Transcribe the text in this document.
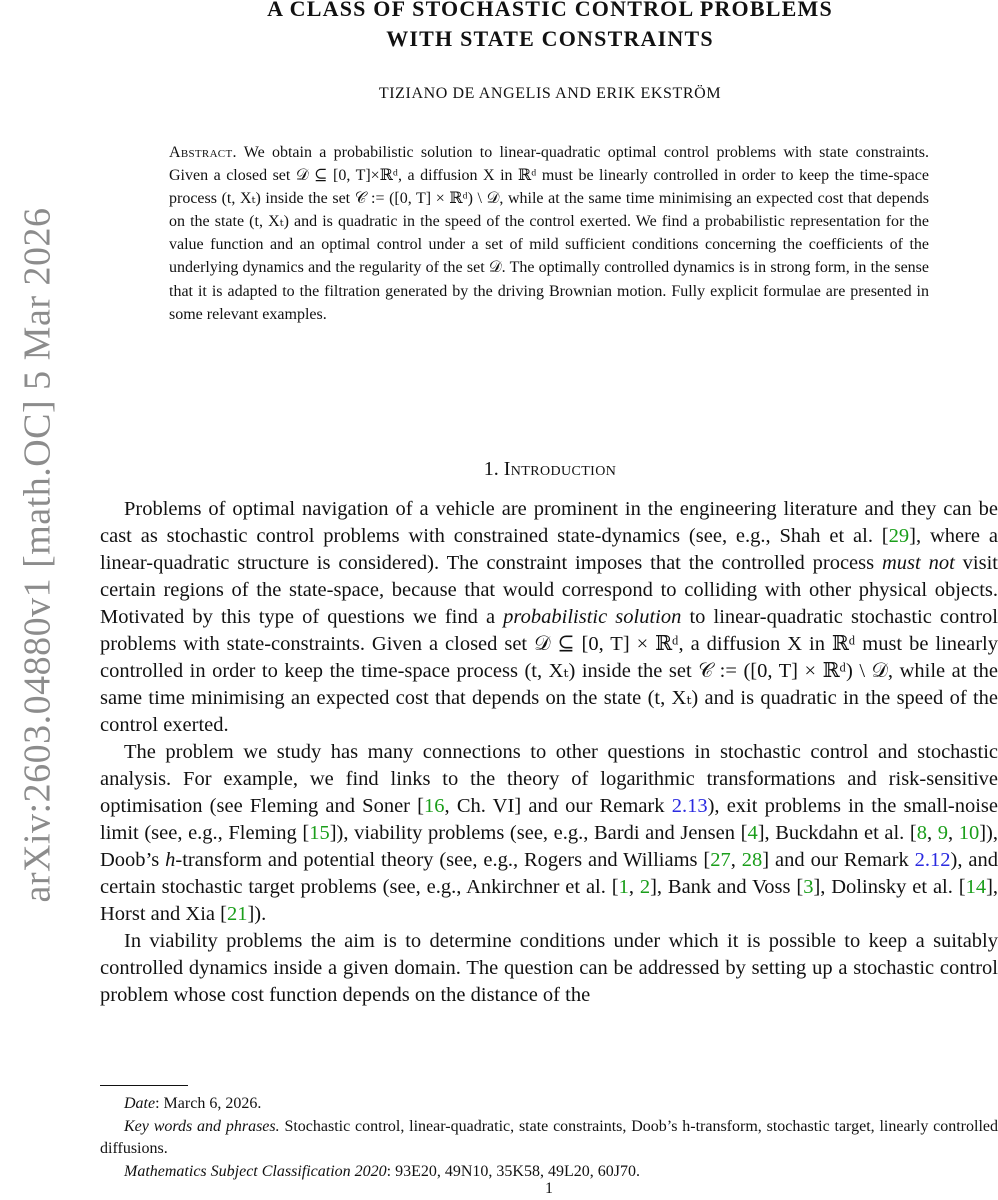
arXiv:2603.04880v1 [math.OC] 5 Mar 2026
A CLASS OF STOCHASTIC CONTROL PROBLEMS
WITH STATE CONSTRAINTS
TIZIANO DE ANGELIS AND ERIK EKSTRÖM
Abstract. We obtain a probabilistic solution to linear-quadratic optimal control problems with state constraints. Given a closed set 𝒟 ⊆ [0, T]×ℝᵈ, a diffusion X in ℝᵈ must be linearly controlled in order to keep the time-space process (t, Xₜ) inside the set 𝒞 := ([0, T] × ℝᵈ) \ 𝒟, while at the same time minimising an expected cost that depends on the state (t, Xₜ) and is quadratic in the speed of the control exerted. We find a probabilistic representation for the value function and an optimal control under a set of mild sufficient conditions concerning the coefficients of the underlying dynamics and the regularity of the set 𝒟. The optimally controlled dynamics is in strong form, in the sense that it is adapted to the filtration generated by the driving Brownian motion. Fully explicit formulae are presented in some relevant examples.
1. Introduction

Problems of optimal navigation of a vehicle are prominent in the engineering literature and they can be cast as stochastic control problems with constrained state-dynamics (see, e.g., Shah et al. [29], where a linear-quadratic structure is considered). The constraint imposes that the controlled process must not visit certain regions of the state-space, because that would correspond to colliding with other physical objects. Motivated by this type of questions we find a probabilistic solution to linear-quadratic stochastic control problems with state-constraints. Given a closed set 𝒟 ⊆ [0, T] × ℝᵈ, a diffusion X in ℝᵈ must be linearly controlled in order to keep the time-space process (t, Xₜ) inside the set 𝒞 := ([0, T] × ℝᵈ) \ 𝒟, while at the same time minimising an expected cost that depends on the state (t, Xₜ) and is quadratic in the speed of the control exerted.

The problem we study has many connections to other questions in stochastic control and stochastic analysis. For example, we find links to the theory of logarithmic transformations and risk-sensitive optimisation (see Fleming and Soner [16, Ch. VI] and our Remark 2.13), exit problems in the small-noise limit (see, e.g., Fleming [15]), viability problems (see, e.g., Bardi and Jensen [4], Buckdahn et al. [8, 9, 10]), Doob’s h-transform and potential theory (see, e.g., Rogers and Williams [27, 28] and our Remark 2.12), and certain stochastic target problems (see, e.g., Ankirchner et al. [1, 2], Bank and Voss [3], Dolinsky et al. [14], Horst and Xia [21]).

In viability problems the aim is to determine conditions under which it is possible to keep a suitably controlled dynamics inside a given domain. The question can be addressed by setting up a stochastic control problem whose cost function depends on the distance of the

Date: March 6, 2026.

Key words and phrases. Stochastic control, linear-quadratic, state constraints, Doob’s h-transform, stochastic target, linearly controlled diffusions.

Mathematics Subject Classification 2020: 93E20, 49N10, 35K58, 49L20, 60J70.

1
